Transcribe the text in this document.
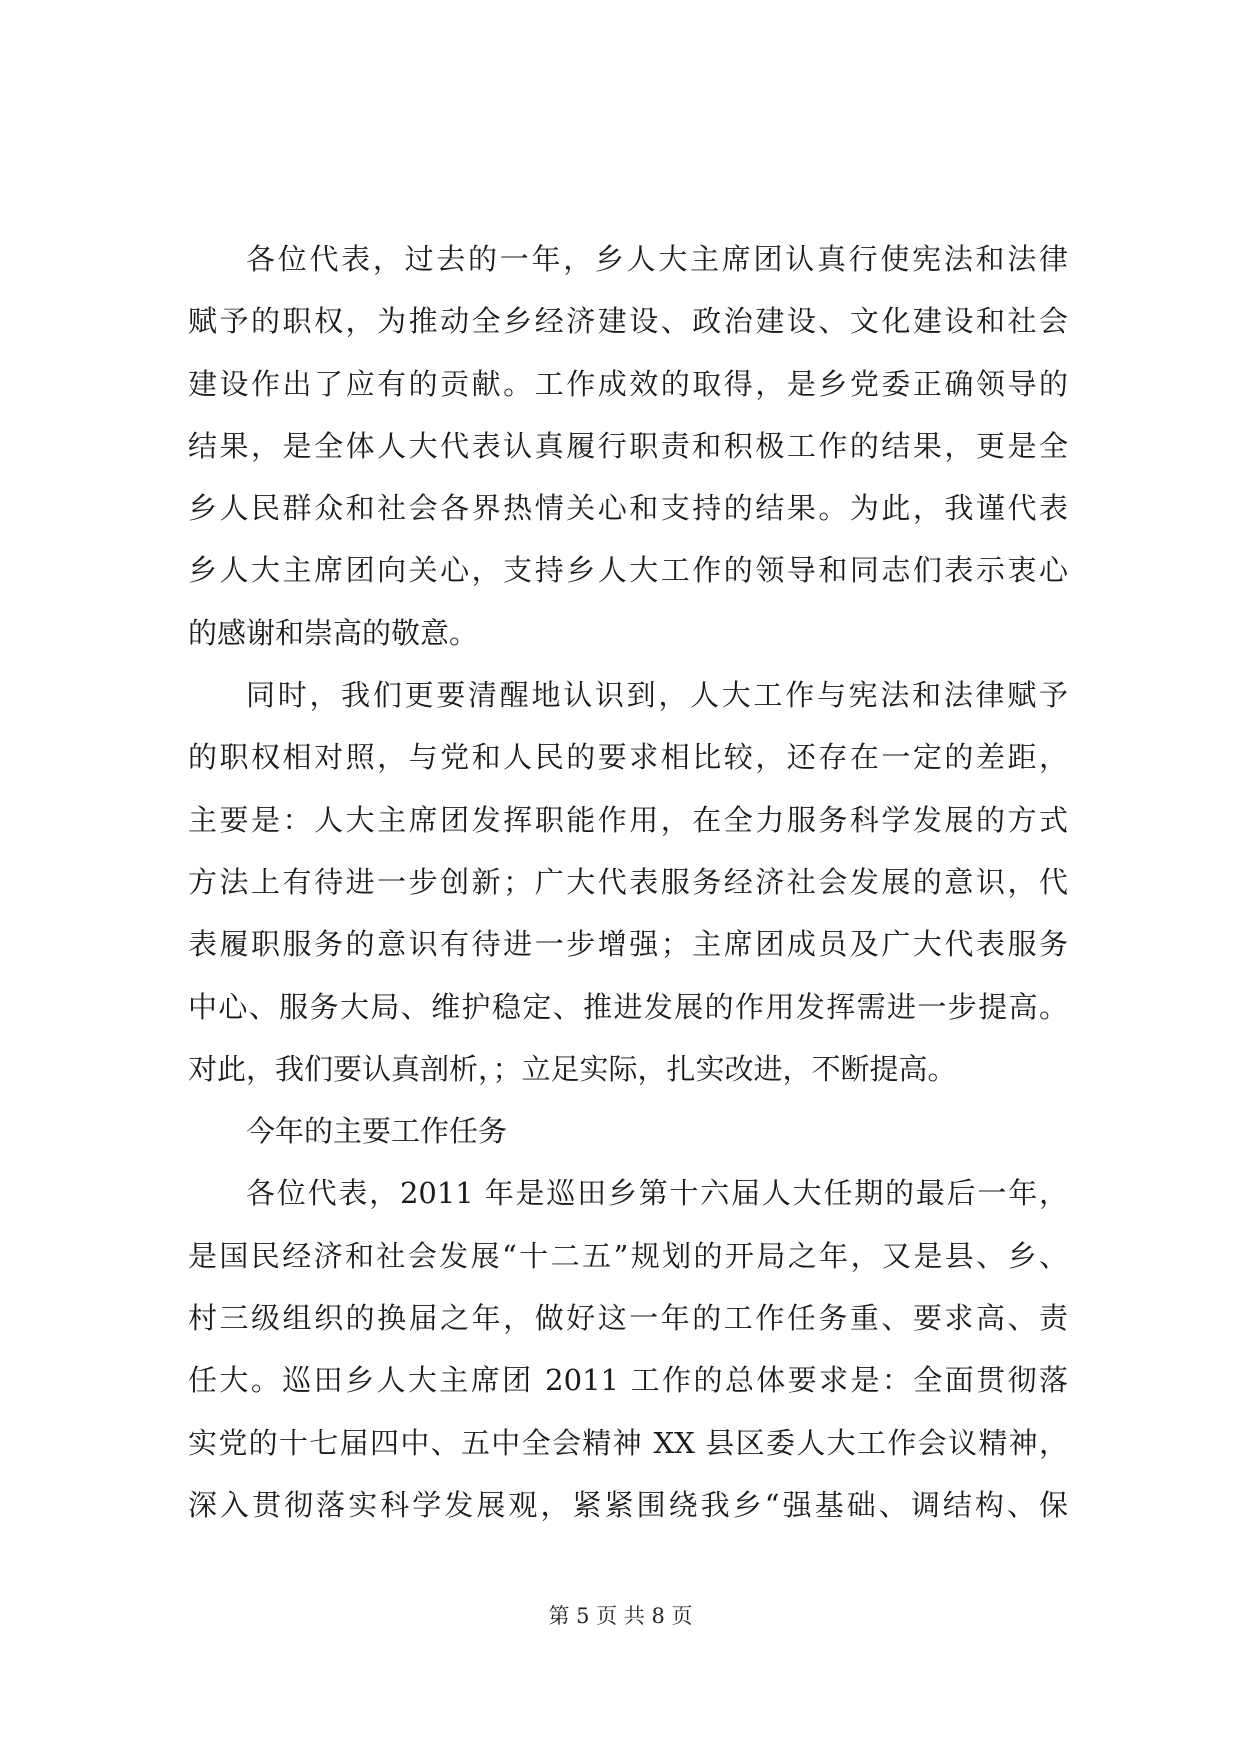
各位代表，过去的一年，乡人大主席团认真行使宪法和法律
赋予的职权，为推动全乡经济建设、政治建设、文化建设和社会
建设作出了应有的贡献。工作成效的取得，是乡党委正确领导的
结果，是全体人大代表认真履行职责和积极工作的结果，更是全
乡人民群众和社会各界热情关心和支持的结果。为此，我谨代表
乡人大主席团向关心，支持乡人大工作的领导和同志们表示衷心
的感谢和崇高的敬意。
同时，我们更要清醒地认识到，人大工作与宪法和法律赋予
的职权相对照，与党和人民的要求相比较，还存在一定的差距，
主要是：人大主席团发挥职能作用，在全力服务科学发展的方式
方法上有待进一步创新；广大代表服务经济社会发展的意识，代
表履职服务的意识有待进一步增强；主席团成员及广大代表服务
中心、服务大局、维护稳定、推进发展的作用发挥需进一步提高。
对此，我们要认真剖析，；立足实际，扎实改进，不断提高。
今年的主要工作任务
各位代表，2011 年是巡田乡第十六届人大任期的最后一年，
是国民经济和社会发展“十二五”规划的开局之年，又是县、乡、
村三级组织的换届之年，做好这一年的工作任务重、要求高、责
任大。巡田乡人大主席团 2011 工作的总体要求是：全面贯彻落
实党的十七届四中、五中全会精神 XX 县区委人大工作会议精神，
深入贯彻落实科学发展观，紧紧围绕我乡“强基础、调结构、保
第 5 页 共 8 页
